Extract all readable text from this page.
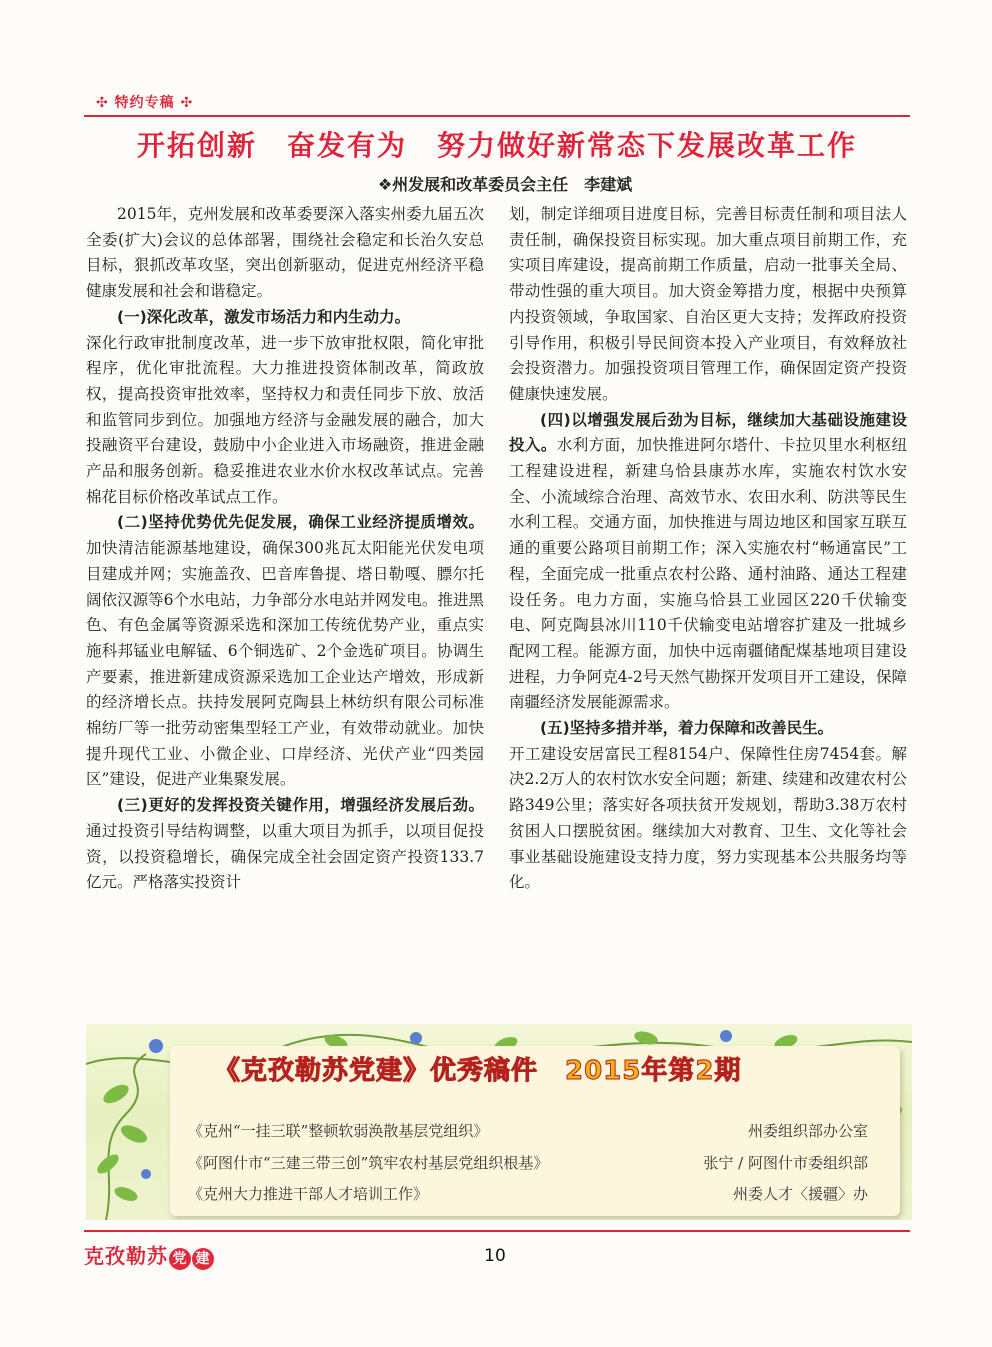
✣ 特约专稿 ✣
开拓创新　奋发有为　努力做好新常态下发展改革工作
❖州发展和改革委员会主任　李建斌

2015年，克州发展和改革委要深入落实州委九届五次全委(扩大)会议的总体部署，围绕社会稳定和长治久安总目标，狠抓改革攻坚，突出创新驱动，促进克州经济平稳健康发展和社会和谐稳定。

(一)深化改革，激发市场活力和内生动力。

深化行政审批制度改革，进一步下放审批权限，简化审批程序，优化审批流程。大力推进投资体制改革，简政放权，提高投资审批效率，坚持权力和责任同步下放、放活和监管同步到位。加强地方经济与金融发展的融合，加大投融资平台建设，鼓励中小企业进入市场融资，推进金融产品和服务创新。稳妥推进农业水价水权改革试点。完善棉花目标价格改革试点工作。

(二)坚持优势优先促发展，确保工业经济提质增效。加快清洁能源基地建设，确保300兆瓦太阳能光伏发电项目建成并网；实施盖孜、巴音库鲁提、塔日勒嘎、膘尔托阔依汉源等6个水电站，力争部分水电站并网发电。推进黑色、有色金属等资源采选和深加工传统优势产业，重点实施科邦锰业电解锰、6个铜选矿、2个金选矿项目。协调生产要素，推进新建成资源采选加工企业达产增效，形成新的经济增长点。扶持发展阿克陶县上林纺织有限公司标准棉纺厂等一批劳动密集型轻工产业，有效带动就业。加快提升现代工业、小微企业、口岸经济、光伏产业“四类园区”建设，促进产业集聚发展。

(三)更好的发挥投资关键作用，增强经济发展后劲。通过投资引导结构调整，以重大项目为抓手，以项目促投资，以投资稳增长，确保完成全社会固定资产投资133.7亿元。严格落实投资计

划，制定详细项目进度目标，完善目标责任制和项目法人责任制，确保投资目标实现。加大重点项目前期工作，充实项目库建设，提高前期工作质量，启动一批事关全局、带动性强的重大项目。加大资金筹措力度，根据中央预算内投资领域，争取国家、自治区更大支持；发挥政府投资引导作用，积极引导民间资本投入产业项目，有效释放社会投资潜力。加强投资项目管理工作，确保固定资产投资健康快速发展。

(四)以增强发展后劲为目标，继续加大基础设施建设投入。水利方面，加快推进阿尔塔什、卡拉贝里水利枢纽工程建设进程，新建乌恰县康苏水库，实施农村饮水安全、小流域综合治理、高效节水、农田水利、防洪等民生水利工程。交通方面，加快推进与周边地区和国家互联互通的重要公路项目前期工作；深入实施农村“畅通富民”工程，全面完成一批重点农村公路、通村油路、通达工程建设任务。电力方面，实施乌恰县工业园区220千伏输变电、阿克陶县冰川110千伏输变电站增容扩建及一批城乡配网工程。能源方面，加快中远南疆储配煤基地项目建设进程，力争阿克4-2号天然气勘探开发项目开工建设，保障南疆经济发展能源需求。

(五)坚持多措并举，着力保障和改善民生。

开工建设安居富民工程8154户、保障性住房7454套。解决2.2万人的农村饮水安全问题；新建、续建和改建农村公路349公里；落实好各项扶贫开发规划，帮助3.38万农村贫困人口摆脱贫困。继续加大对教育、卫生、文化等社会事业基础设施建设支持力度，努力实现基本公共服务均等化。

《克孜勒苏党建》优秀稿件　2015年第2期
《克州“一挂三联”整顿软弱涣散基层党组织》	州委组织部办公室
《阿图什市“三建三带三创”筑牢农村基层党组织根基》	张宁 / 阿图什市委组织部
《克州大力推进干部人才培训工作》	州委人才〈援疆〉办
克孜勒苏 党 建	10
